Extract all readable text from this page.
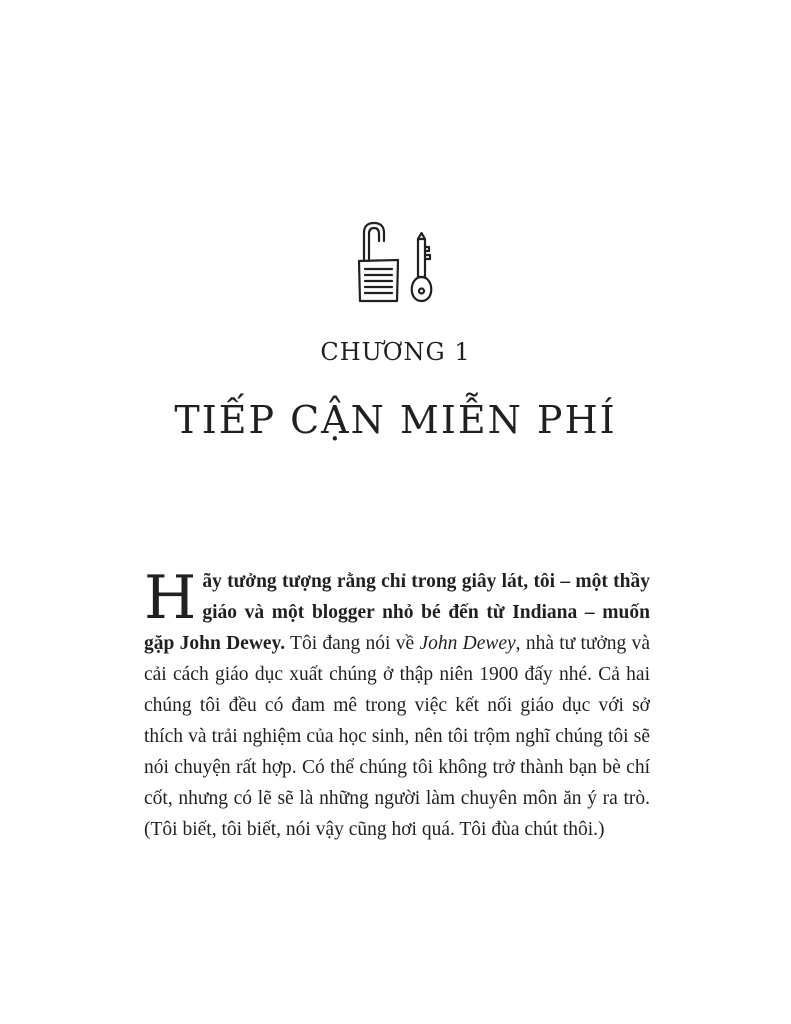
CHƯƠNG 1
TIẾP CẬN MIỄN PHÍ
Hãy tưởng tượng rằng chỉ trong giây lát, tôi – một thầy giáo và một blogger nhỏ bé đến từ Indiana – muốn gặp John Dewey. Tôi đang nói về John Dewey, nhà tư tưởng và cải cách giáo dục xuất chúng ở thập niên 1900 đấy nhé. Cả hai chúng tôi đều có đam mê trong việc kết nối giáo dục với sở thích và trải nghiệm của học sinh, nên tôi trộm nghĩ chúng tôi sẽ nói chuyện rất hợp. Có thể chúng tôi không trở thành bạn bè chí cốt, nhưng có lẽ sẽ là những người làm chuyên môn ăn ý ra trò. (Tôi biết, tôi biết, nói vậy cũng hơi quá. Tôi đùa chút thôi.)
